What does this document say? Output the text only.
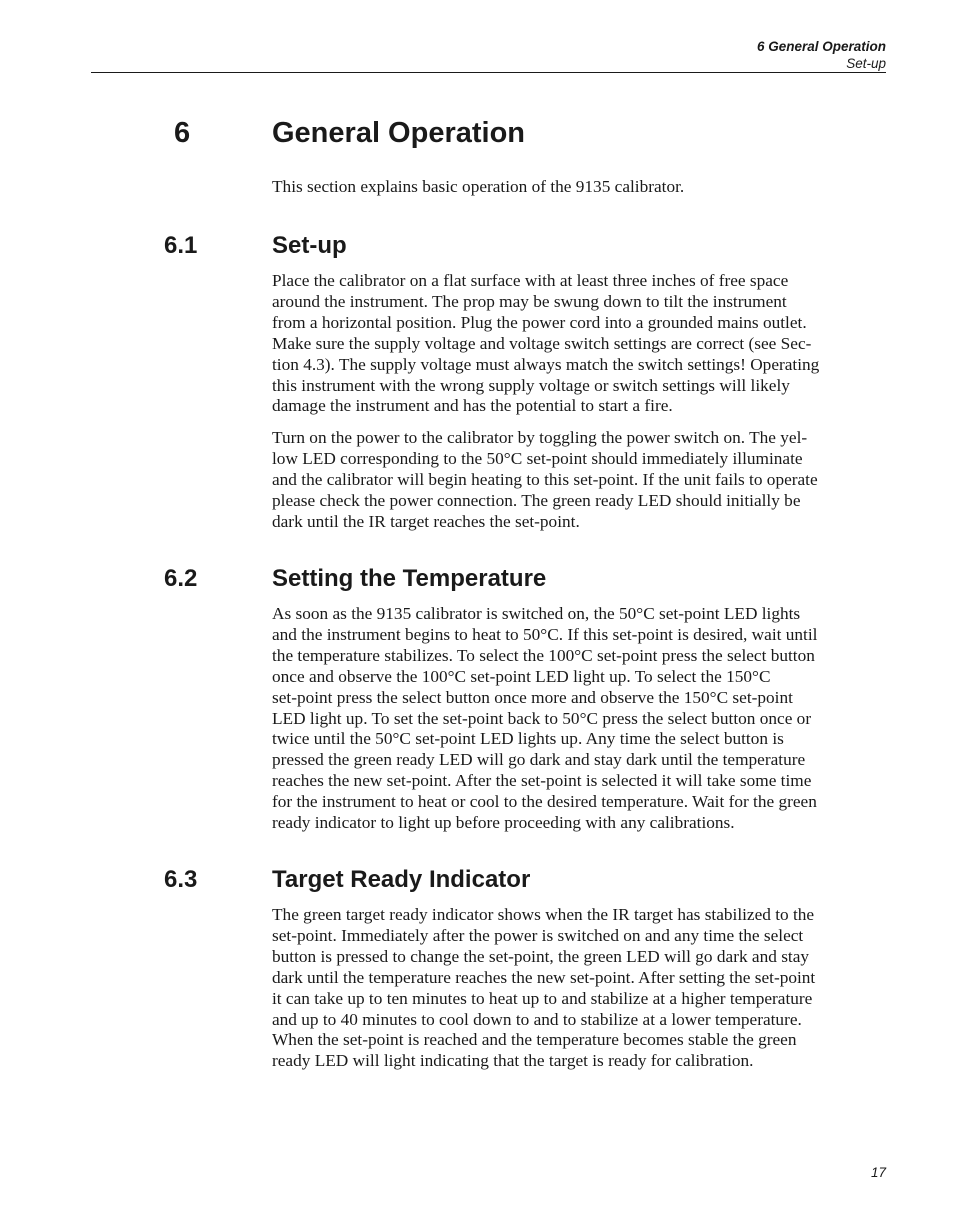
6 General Operation
Set-up
6	General Operation

This section explains basic operation of the 9135 calibrator.

6.1	Set-up

Place the calibrator on a flat surface with at least three inches of free space
around the instrument. The prop may be swung down to tilt the instrument
from a horizontal position. Plug the power cord into a grounded mains outlet.
Make sure the supply voltage and voltage switch settings are correct (see Sec-
tion 4.3). The supply voltage must always match the switch settings! Operating
this instrument with the wrong supply voltage or switch settings will likely
damage the instrument and has the potential to start a fire.

Turn on the power to the calibrator by toggling the power switch on. The yel-
low LED corresponding to the 50°C set-point should immediately illuminate
and the calibrator will begin heating to this set-point. If the unit fails to operate
please check the power connection. The green ready LED should initially be
dark until the IR target reaches the set-point.

6.2	Setting the Temperature

As soon as the 9135 calibrator is switched on, the 50°C set-point LED lights
and the instrument begins to heat to 50°C. If this set-point is desired, wait until
the temperature stabilizes. To select the 100°C set-point press the select button
once and observe the 100°C set-point LED light up. To select the 150°C
set-point press the select button once more and observe the 150°C set-point
LED light up. To set the set-point back to 50°C press the select button once or
twice until the 50°C set-point LED lights up. Any time the select button is
pressed the green ready LED will go dark and stay dark until the temperature
reaches the new set-point. After the set-point is selected it will take some time
for the instrument to heat or cool to the desired temperature. Wait for the green
ready indicator to light up before proceeding with any calibrations.

6.3	Target Ready Indicator

The green target ready indicator shows when the IR target has stabilized to the
set-point. Immediately after the power is switched on and any time the select
button is pressed to change the set-point, the green LED will go dark and stay
dark until the temperature reaches the new set-point. After setting the set-point
it can take up to ten minutes to heat up to and stabilize at a higher temperature
and up to 40 minutes to cool down to and to stabilize at a lower temperature.
When the set-point is reached and the temperature becomes stable the green
ready LED will light indicating that the target is ready for calibration.

17
